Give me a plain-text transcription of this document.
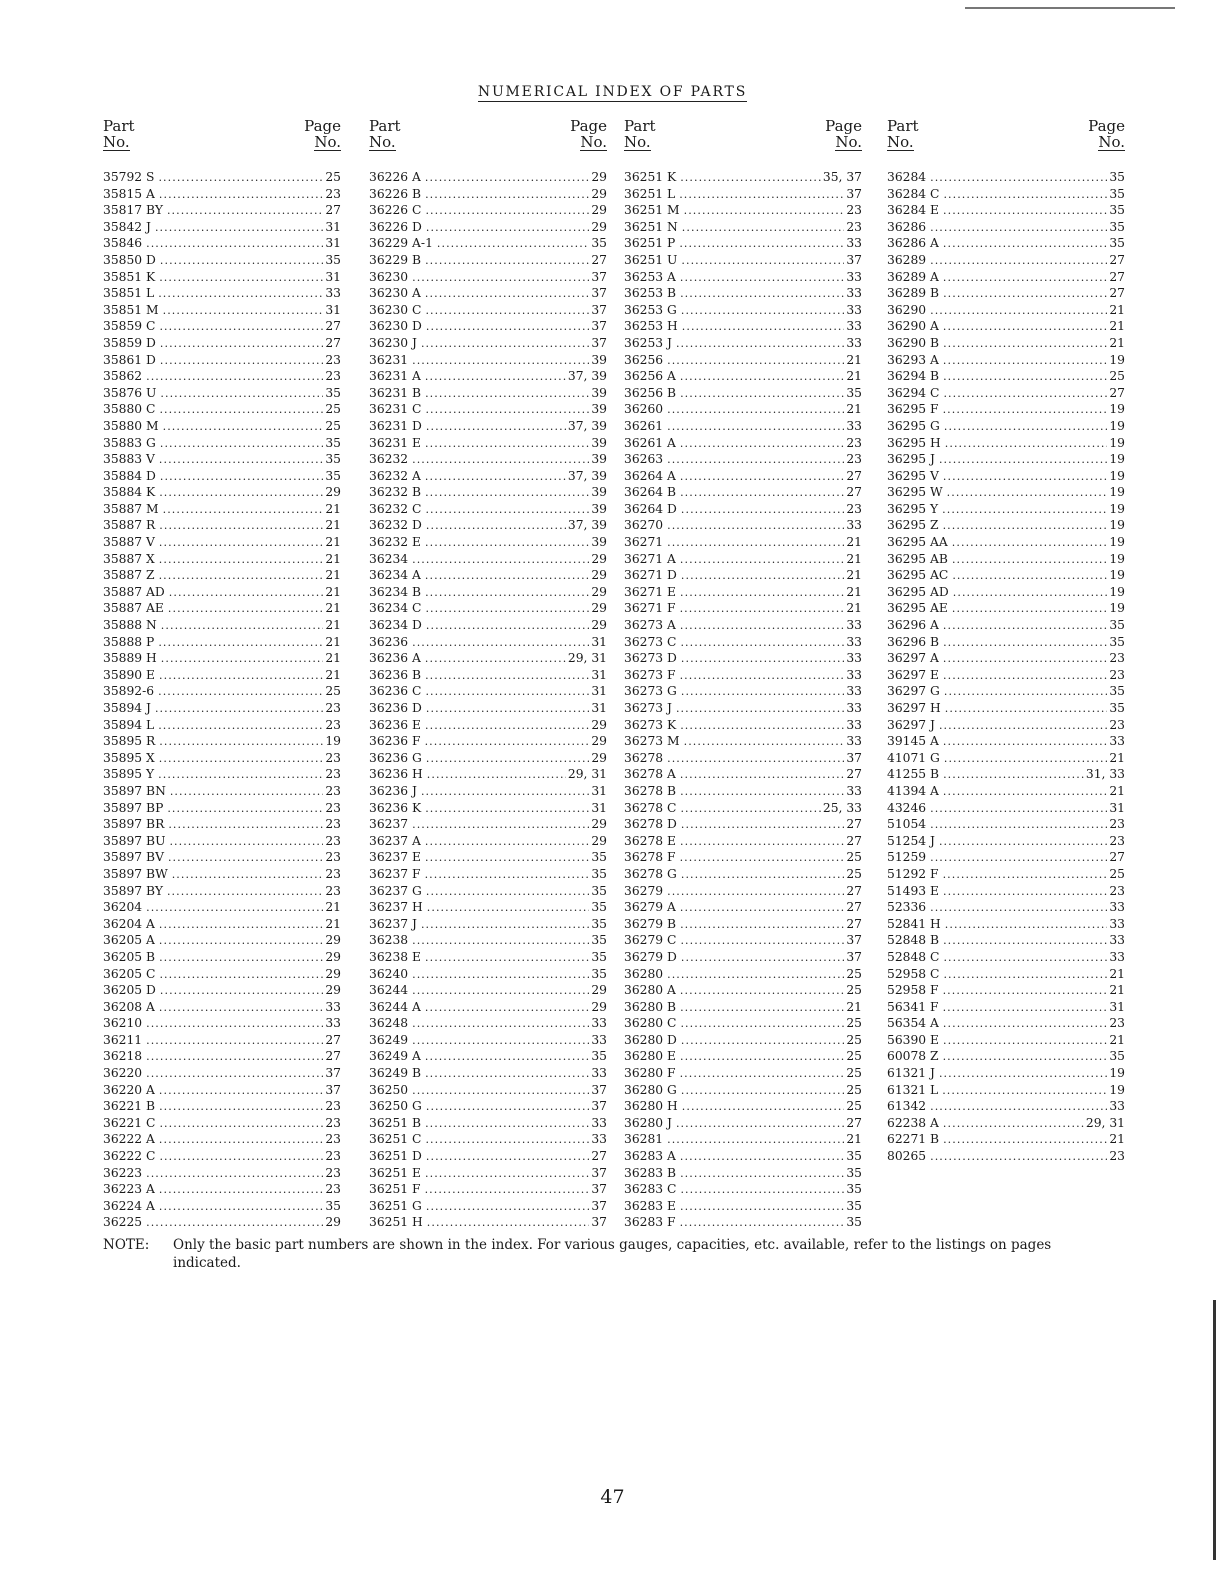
NUMERICAL INDEX OF PARTS
Part
No.
Page
No.
35792 S . . .	25
35815 A . . .	23
35817 BY . . .	27
35842 J . . .	31
35846 . . .	31
35850 D . . .	35
35851 K . . .	31
35851 L . . .	33
35851 M . . .	31
35859 C . . .	27
35859 D . . .	27
35861 D . . .	23
35862 . . .	23
35876 U . . .	35
35880 C . . .	25
35880 M . . .	25
35883 G . . .	35
35883 V . . .	35
35884 D . . .	35
35884 K . . .	29
35887 M . . .	21
35887 R . . .	21
35887 V . . .	21
35887 X . . .	21
35887 Z . . .	21
35887 AD . . .	21
35887 AE . . .	21
35888 N . . .	21
35888 P . . .	21
35889 H . . .	21
35890 E . . .	21
35892-6 . . .	25
35894 J . . .	23
35894 L . . .	23
35895 R . . .	19
35895 X . . .	23
35895 Y . . .	23
35897 BN . . .	23
35897 BP . . .	23
35897 BR . . .	23
35897 BU . . .	23
35897 BV . . .	23
35897 BW . . .	23
35897 BY . . .	23
36204 . . .	21
36204 A . . .	21
36205 A . . .	29
36205 B . . .	29
36205 C . . .	29
36205 D . . .	29
36208 A . . .	33
36210 . . .	33
36211 . . .	27
36218 . . .	27
36220 . . .	37
36220 A . . .	37
36221 B . . .	23
36221 C . . .	23
36222 A . . .	23
36222 C . . .	23
36223 . . .	23
36223 A . . .	23
36224 A . . .	35
36225 . . .	29
Part
No.
Page
No.
36226 A . . .	29
36226 B . . .	29
36226 C . . .	29
36226 D . . .	29
36229 A-1 . . .	35
36229 B . . .	27
36230 . . .	37
36230 A . . .	37
36230 C . . .	37
36230 D . . .	37
36230 J . . .	37
36231 . . .	39
36231 A . . .	37, 39
36231 B . . .	39
36231 C . . .	39
36231 D . . .	37, 39
36231 E . . .	39
36232 . . .	39
36232 A . . .	37, 39
36232 B . . .	39
36232 C . . .	39
36232 D . . .	37, 39
36232 E . . .	39
36234 . . .	29
36234 A . . .	29
36234 B . . .	29
36234 C . . .	29
36234 D . . .	29
36236 . . .	31
36236 A . . .	29, 31
36236 B . . .	31
36236 C . . .	31
36236 D . . .	31
36236 E . . .	29
36236 F . . .	29
36236 G . . .	29
36236 H . . .	29, 31
36236 J . . .	31
36236 K . . .	31
36237 . . .	29
36237 A . . .	29
36237 E . . .	35
36237 F . . .	35
36237 G . . .	35
36237 H . . .	35
36237 J . . .	35
36238 . . .	35
36238 E . . .	35
36240 . . .	35
36244 . . .	29
36244 A . . .	29
36248 . . .	33
36249 . . .	33
36249 A . . .	35
36249 B . . .	33
36250 . . .	37
36250 G . . .	37
36251 B . . .	33
36251 C . . .	33
36251 D . . .	27
36251 E . . .	37
36251 F . . .	37
36251 G . . .	37
36251 H . . .	37
Part
No.
Page
No.
36251 K . . .	35, 37
36251 L . . .	37
36251 M . . .	23
36251 N . . .	23
36251 P . . .	33
36251 U . . .	37
36253 A . . .	33
36253 B . . .	33
36253 G . . .	33
36253 H . . .	33
36253 J . . .	33
36256 . . .	21
36256 A . . .	21
36256 B . . .	35
36260 . . .	21
36261 . . .	33
36261 A . . .	23
36263 . . .	23
36264 A . . .	27
36264 B . . .	27
36264 D . . .	23
36270 . . .	33
36271 . . .	21
36271 A . . .	21
36271 D . . .	21
36271 E . . .	21
36271 F . . .	21
36273 A . . .	33
36273 C . . .	33
36273 D . . .	33
36273 F . . .	33
36273 G . . .	33
36273 J . . .	33
36273 K . . .	33
36273 M . . .	33
36278 . . .	37
36278 A . . .	27
36278 B . . .	33
36278 C . . .	25, 33
36278 D . . .	27
36278 E . . .	27
36278 F . . .	25
36278 G . . .	25
36279 . . .	27
36279 A . . .	27
36279 B . . .	27
36279 C . . .	37
36279 D . . .	37
36280 . . .	25
36280 A . . .	25
36280 B . . .	21
36280 C . . .	25
36280 D . . .	25
36280 E . . .	25
36280 F . . .	25
36280 G . . .	25
36280 H . . .	25
36280 J . . .	27
36281 . . .	21
36283 A . . .	35
36283 B . . .	35
36283 C . . .	35
36283 E . . .	35
36283 F . . .	35
Part
No.
Page
No.
36284 . . .	35
36284 C . . .	35
36284 E . . .	35
36286 . . .	35
36286 A . . .	35
36289 . . .	27
36289 A . . .	27
36289 B . . .	27
36290 . . .	21
36290 A . . .	21
36290 B . . .	21
36293 A . . .	19
36294 B . . .	25
36294 C . . .	27
36295 F . . .	19
36295 G . . .	19
36295 H . . .	19
36295 J . . .	19
36295 V . . .	19
36295 W . . .	19
36295 Y . . .	19
36295 Z . . .	19
36295 AA . . .	19
36295 AB . . .	19
36295 AC . . .	19
36295 AD . . .	19
36295 AE . . .	19
36296 A . . .	35
36296 B . . .	35
36297 A . . .	23
36297 E . . .	23
36297 G . . .	35
36297 H . . .	35
36297 J . . .	23
39145 A . . .	33
41071 G . . .	21
41255 B . . .	31, 33
41394 A . . .	21
43246 . . .	31
51054 . . .	23
51254 J . . .	23
51259 . . .	27
51292 F . . .	25
51493 E . . .	23
52336 . . .	33
52841 H . . .	33
52848 B . . .	33
52848 C . . .	33
52958 C . . .	21
52958 F . . .	21
56341 F . . .	31
56354 A . . .	23
56390 E . . .	21
60078 Z . . .	35
61321 J . . .	19
61321 L . . .	19
61342 . . .	33
62238 A . . .	29, 31
62271 B . . .	21
80265 . . .	23
NOTE: Only the basic part numbers are shown in the index. For various gauges, capacities, etc. available, refer to the listings on pages indicated.
47
